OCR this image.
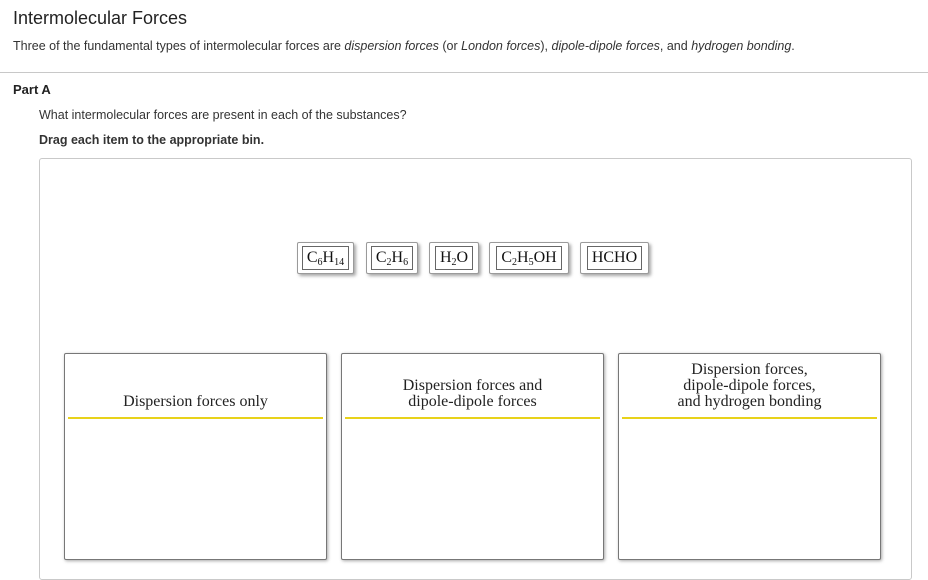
Intermolecular Forces
Three of the fundamental types of intermolecular forces are dispersion forces (or London forces), dipole-dipole forces, and hydrogen bonding.
Part A
What intermolecular forces are present in each of the substances?
Drag each item to the appropriate bin.
$C_6$ $H_{14}$ $C_2$ $H_6$ $H_2$ O $C_2$ $H_5$ OH HCHO
Dispersion forces only
Dispersion forces and
dipole-dipole forces
Dispersion forces,
dipole-dipole forces,
and hydrogen bonding
